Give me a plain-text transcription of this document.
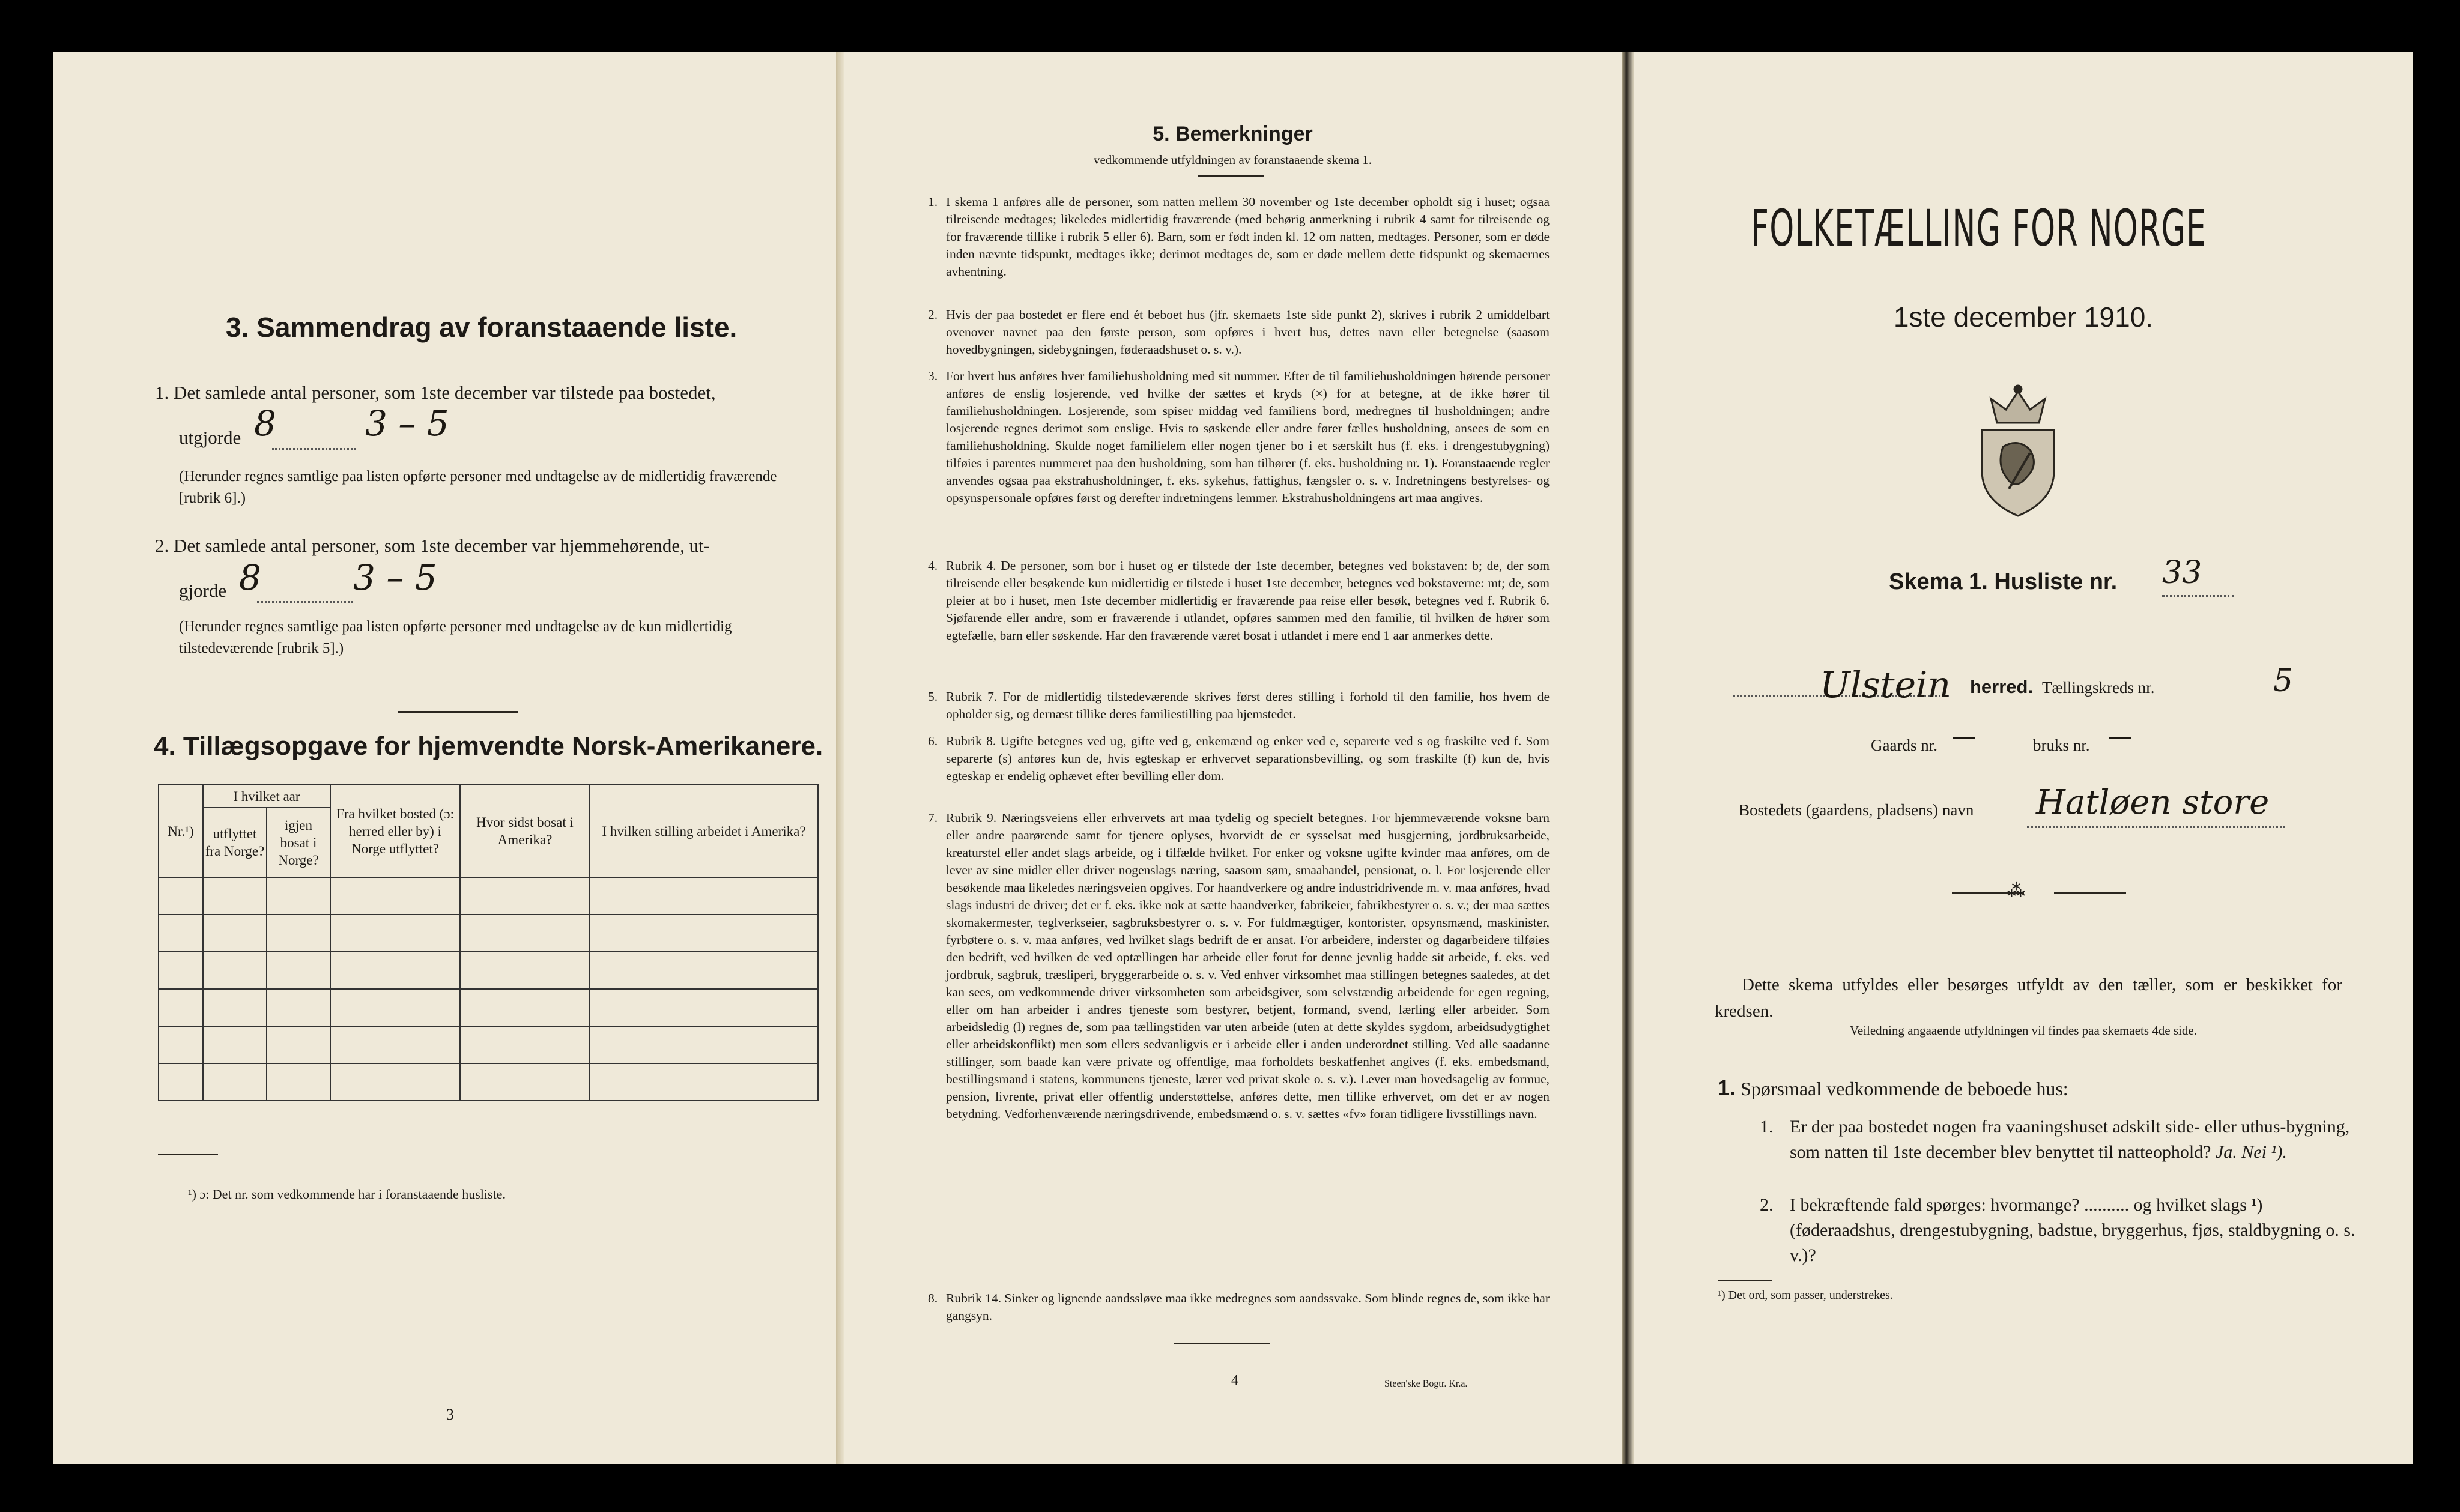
3. Sammendrag av foranstaaende liste.
1. Det samlede antal personer, som 1ste december var tilstede paa bostedet,
utgjorde 8	3 – 5
(Herunder regnes samtlige paa listen opførte personer med undtagelse av de midlertidig fraværende [rubrik 6].)
2. Det samlede antal personer, som 1ste december var hjemmehørende, ut-
gjorde 8	3 – 5
(Herunder regnes samtlige paa listen opførte personer med undtagelse av de kun midlertidig tilstedeværende [rubrik 5].)
4. Tillægsopgave for hjemvendte Norsk-Amerikanere.
Nr.¹)	I hvilket aar		Fra hvilket bosted (ɔ: herred eller by) i Norge utflyttet?	Hvor sidst bosat i Amerika?	I hvilken stilling arbeidet i Amerika?
	utflyttet fra Norge?	igjen bosat i Norge?			

¹) ɔ: Det nr. som vedkommende har i foranstaaende husliste.
3
5. Bemerkninger
vedkommende utfyldningen av foranstaaende skema 1.
1. I skema 1 anføres alle de personer, som natten mellem 30 november og 1ste december opholdt sig i huset; ogsaa tilreisende medtages; likeledes midlertidig fraværende (med behørig anmerkning i rubrik 4 samt for tilreisende og for fraværende tillike i rubrik 5 eller 6). Barn, som er født inden kl. 12 om natten, medtages. Personer, som er døde inden nævnte tidspunkt, medtages ikke; derimot medtages de, som er døde mellem dette tidspunkt og skemaernes avhentning.
2. Hvis der paa bostedet er flere end ét beboet hus (jfr. skemaets 1ste side punkt 2), skrives i rubrik 2 umiddelbart ovenover navnet paa den første person, som opføres i hvert hus, dettes navn eller betegnelse (saasom hovedbygningen, sidebygningen, føderaadshuset o. s. v.).
3. For hvert hus anføres hver familiehusholdning med sit nummer. Efter de til familiehusholdningen hørende personer anføres de enslig losjerende, ved hvilke der sættes et kryds (×) for at betegne, at de ikke hører til familiehusholdningen. Losjerende, som spiser middag ved familiens bord, medregnes til husholdningen; andre losjerende regnes derimot som enslige. Hvis to søskende eller andre fører fælles husholdning, ansees de som en familiehusholdning. Skulde noget familielem eller nogen tjener bo i et særskilt hus (f. eks. i drengestubygning) tilføies i parentes nummeret paa den husholdning, som han tilhører (f. eks. husholdning nr. 1). Foranstaaende regler anvendes ogsaa paa ekstrahusholdninger, f. eks. sykehus, fattighus, fængsler o. s. v. Indretningens bestyrelses- og opsynspersonale opføres først og derefter indretningens lemmer. Ekstrahusholdningens art maa angives.
4. Rubrik 4. De personer, som bor i huset og er tilstede der 1ste december, betegnes ved bokstaven: b; de, der som tilreisende eller besøkende kun midlertidig er tilstede i huset 1ste december, betegnes ved bokstaverne: mt; de, som pleier at bo i huset, men 1ste december midlertidig er fraværende paa reise eller besøk, betegnes ved f. Rubrik 6. Sjøfarende eller andre, som er fraværende i utlandet, opføres sammen med den familie, til hvilken de hører som egtefælle, barn eller søskende. Har den fraværende været bosat i utlandet i mere end 1 aar anmerkes dette.
5. Rubrik 7. For de midlertidig tilstedeværende skrives først deres stilling i forhold til den familie, hos hvem de opholder sig, og dernæst tillike deres familiestilling paa hjemstedet.
6. Rubrik 8. Ugifte betegnes ved ug, gifte ved g, enkemænd og enker ved e, separerte ved s og fraskilte ved f. Som separerte (s) anføres kun de, hvis egteskap er erhvervet separationsbevilling, og som fraskilte (f) kun de, hvis egteskap er endelig ophævet efter bevilling eller dom.
7. Rubrik 9. Næringsveiens eller erhvervets art maa tydelig og specielt betegnes. For hjemmeværende voksne barn eller andre paarørende samt for tjenere oplyses, hvorvidt de er sysselsat med husgjerning, jordbruksarbeide, kreaturstel eller andet slags arbeide, og i tilfælde hvilket. For enker og voksne ugifte kvinder maa anføres, om de lever av sine midler eller driver nogenslags næring, saasom søm, smaahandel, pensionat, o. l. For losjerende eller besøkende maa likeledes næringsveien opgives. For haandverkere og andre industridrivende m. v. maa anføres, hvad slags industri de driver; det er f. eks. ikke nok at sætte haandverker, fabrikeier, fabrikbestyrer o. s. v.; der maa sættes skomakermester, teglverkseier, sagbruksbestyrer o. s. v. For fuldmægtiger, kontorister, opsynsmænd, maskinister, fyrbøtere o. s. v. maa anføres, ved hvilket slags bedrift de er ansat. For arbeidere, inderster og dagarbeidere tilføies den bedrift, ved hvilken de ved optællingen har arbeide eller forut for denne jevnlig hadde sit arbeide, f. eks. ved jordbruk, sagbruk, træsliperi, bryggerarbeide o. s. v. Ved enhver virksomhet maa stillingen betegnes saaledes, at det kan sees, om vedkommende driver virksomheten som arbeidsgiver, som selvstændig arbeidende for egen regning, eller om han arbeider i andres tjeneste som bestyrer, betjent, formand, svend, lærling eller arbeider. Som arbeidsledig (l) regnes de, som paa tællingstiden var uten arbeide (uten at dette skyldes sygdom, arbeidsudygtighet eller arbeidskonflikt) men som ellers sedvanligvis er i arbeide eller i anden underordnet stilling. Ved alle saadanne stillinger, som baade kan være private og offentlige, maa forholdets beskaffenhet angives (f. eks. embedsmand, bestillingsmand i statens, kommunens tjeneste, lærer ved privat skole o. s. v.). Lever man hovedsagelig av formue, pension, livrente, privat eller offentlig understøttelse, anføres dette, men tillike erhvervet, om det er av nogen betydning. Vedforhenværende næringsdrivende, embedsmænd o. s. v. sættes «fv» foran tidligere livsstillings navn.
8. Rubrik 14. Sinker og lignende aandssløve maa ikke medregnes som aandssvake. Som blinde regnes de, som ikke har gangsyn.
4	Steen'ske Bogtr. Kr.a.
FOLKETÆLLING FOR NORGE
1ste december 1910.
Skema 1. Husliste nr. 33
Ulstein herred. Tællingskreds nr.	5
Gaards nr. —	bruks nr. —
Bostedets (gaardens, pladsens) navn Hatløen store
⁂
Dette skema utfyldes eller besørges utfyldt av den tæller, som er beskikket for kredsen.
Veiledning angaaende utfyldningen vil findes paa skemaets 4de side.
1. Spørsmaal vedkommende de beboede hus:
1. Er der paa bostedet nogen fra vaaningshuset adskilt side- eller uthus-bygning, som natten til 1ste december blev benyttet til natteophold? Ja. Nei ¹).
2. I bekræftende fald spørges: hvormange? .......... og hvilket slags ¹) (føderaadshus, drengestubygning, badstue, bryggerhus, fjøs, staldbygning o. s. v.)?
¹) Det ord, som passer, understrekes.
